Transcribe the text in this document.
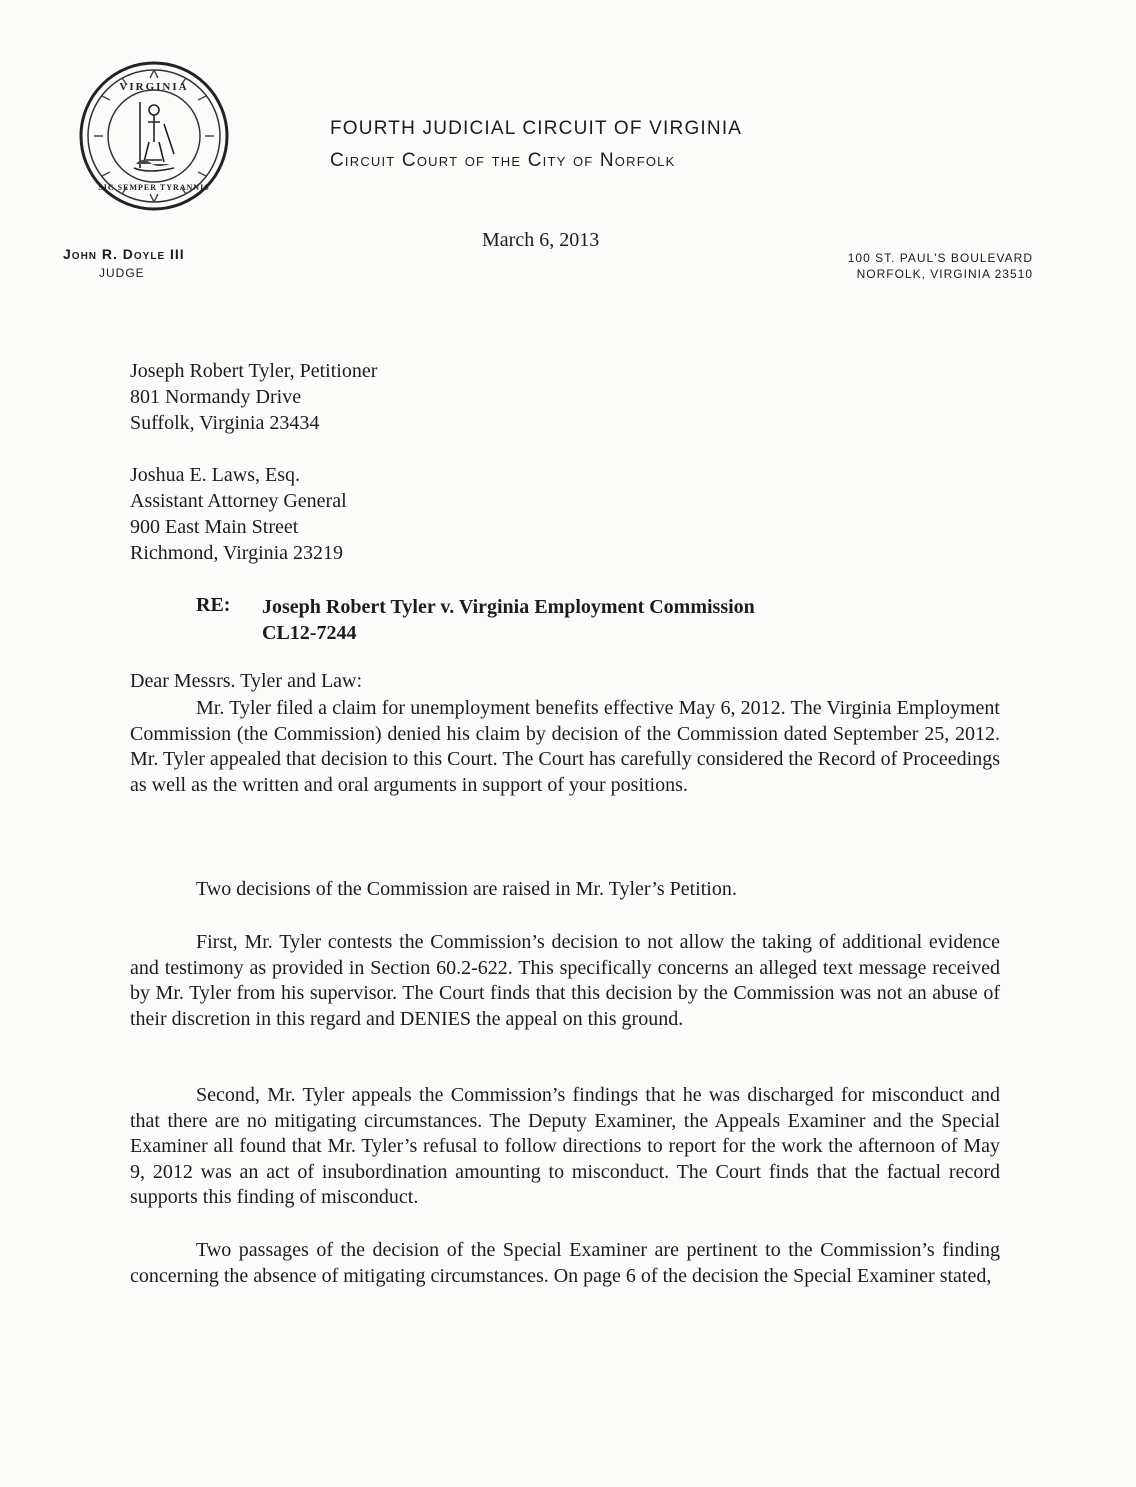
VIRGINIA
SIC SEMPER TYRANNIS
FOURTH JUDICIAL CIRCUIT OF VIRGINIA
Circuit Court of the City of Norfolk
John R. Doyle III
JUDGE
March 6, 2013
100 ST. PAUL'S BOULEVARD
NORFOLK, VIRGINIA 23510
Joseph Robert Tyler, Petitioner
801 Normandy Drive
Suffolk, Virginia 23434
Joshua E. Laws, Esq.
Assistant Attorney General
900 East Main Street
Richmond, Virginia 23219
RE: Joseph Robert Tyler v. Virginia Employment Commission
CL12-7244
Dear Messrs. Tyler and Law:

Mr. Tyler filed a claim for unemployment benefits effective May 6, 2012. The Virginia Employment Commission (the Commission) denied his claim by decision of the Commission dated September 25, 2012. Mr. Tyler appealed that decision to this Court. The Court has carefully considered the Record of Proceedings as well as the written and oral arguments in support of your positions.

Two decisions of the Commission are raised in Mr. Tyler’s Petition.

First, Mr. Tyler contests the Commission’s decision to not allow the taking of additional evidence and testimony as provided in Section 60.2-622. This specifically concerns an alleged text message received by Mr. Tyler from his supervisor. The Court finds that this decision by the Commission was not an abuse of their discretion in this regard and DENIES the appeal on this ground.

Second, Mr. Tyler appeals the Commission’s findings that he was discharged for misconduct and that there are no mitigating circumstances. The Deputy Examiner, the Appeals Examiner and the Special Examiner all found that Mr. Tyler’s refusal to follow directions to report for the work the afternoon of May 9, 2012 was an act of insubordination amounting to misconduct. The Court finds that the factual record supports this finding of misconduct.

Two passages of the decision of the Special Examiner are pertinent to the Commission’s finding concerning the absence of mitigating circumstances. On page 6 of the decision the Special Examiner stated,
